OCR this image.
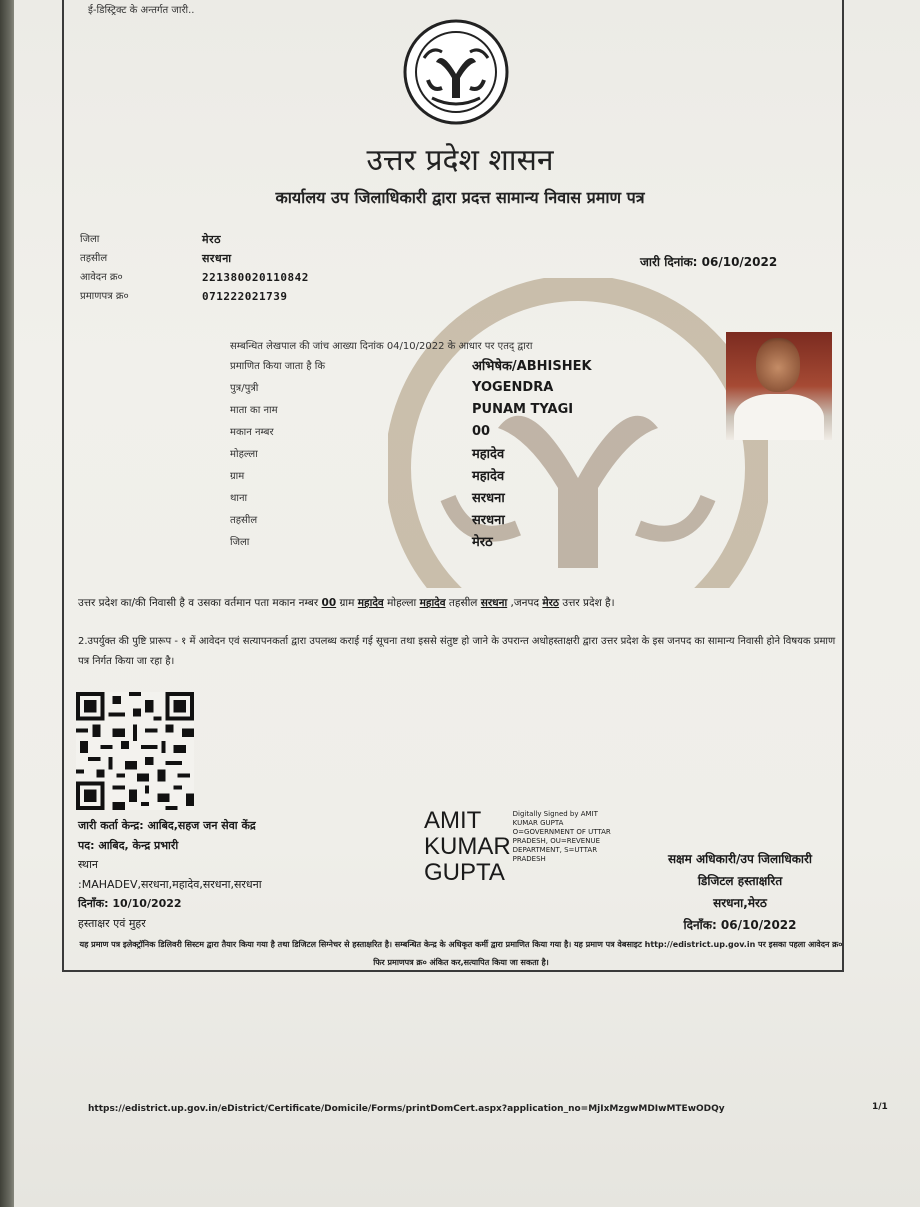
ई-डिस्ट्रिक्ट के अन्तर्गत जारी..
उत्तर प्रदेश शासन
कार्यालय उप जिलाधिकारी द्वारा प्रदत्त सामान्य निवास प्रमाण पत्र
जिला	मेरठ
तहसील	सरधना
आवेदन क्र०	221380020110842
प्रमाणपत्र क्र०	071222021739
जारी दिनांक: 06/10/2022
सम्बन्धित लेखपाल की जांच आख्या दिनांक 04/10/2022 के आधार पर एतद् द्वारा
प्रमाणित किया जाता है कि	अभिषेक/ABHISHEK
पुत्र/पुत्री	YOGENDRA
माता का नाम	PUNAM TYAGI
मकान नम्बर	00
मोहल्ला	महादेव
ग्राम	महादेव
थाना	सरधना
तहसील	सरधना
जिला	मेरठ
उत्तर प्रदेश का/की निवासी है व उसका वर्तमान पता मकान नम्बर 00 ग्राम महादेव मोहल्ला महादेव तहसील सरधना ,जनपद मेरठ उत्तर प्रदेश है।
2.उपर्युक्त की पुष्टि प्रारूप - १ में आवेदन एवं सत्यापनकर्ता द्वारा उपलब्ध कराई गई सूचना तथा इससे संतुष्ट हो जाने के उपरान्त अधोहस्ताक्षरी द्वारा उत्तर प्रदेश के इस जनपद का सामान्य निवासी होने विषयक प्रमाण पत्र निर्गत किया जा रहा है।
जारी कर्ता केन्द्र: आबिद,सहज जन सेवा केंद्र
पद: आबिद, केन्द्र प्रभारी
स्थान
:MAHADEV,सरधना,महादेव,सरधना,सरधना
दिनाँक: 10/10/2022
हस्ताक्षर एवं मुहर
AMIT
KUMAR
GUPTA
Digitally Signed by AMIT
KUMAR GUPTA
O=GOVERNMENT OF UTTAR
PRADESH, OU=REVENUE
DEPARTMENT, S=UTTAR
PRADESH	सक्षम अधिकारी/उप जिलाधिकारी
डिजिटल हस्ताक्षरित
सरधना,मेरठ
दिनाँक: 06/10/2022
यह प्रमाण पत्र इलेक्ट्रॉनिक डिलिवरी सिस्टम द्वारा तैयार किया गया है तथा डिजिटल सिग्नेचर से हस्ताक्षरित है। सम्बन्धित केन्द्र के अधिकृत कर्मी द्वारा प्रमाणित किया गया है। यह प्रमाण पत्र वेबसाइट http://edistrict.up.gov.in पर इसका पहला आवेदन क्र० फिर प्रमाणपत्र क्र० अंकित कर,सत्यापित किया जा सकता है।
https://edistrict.up.gov.in/eDistrict/Certificate/Domicile/Forms/printDomCert.aspx?application_no=MjIxMzgwMDIwMTEwODQy	1/1
